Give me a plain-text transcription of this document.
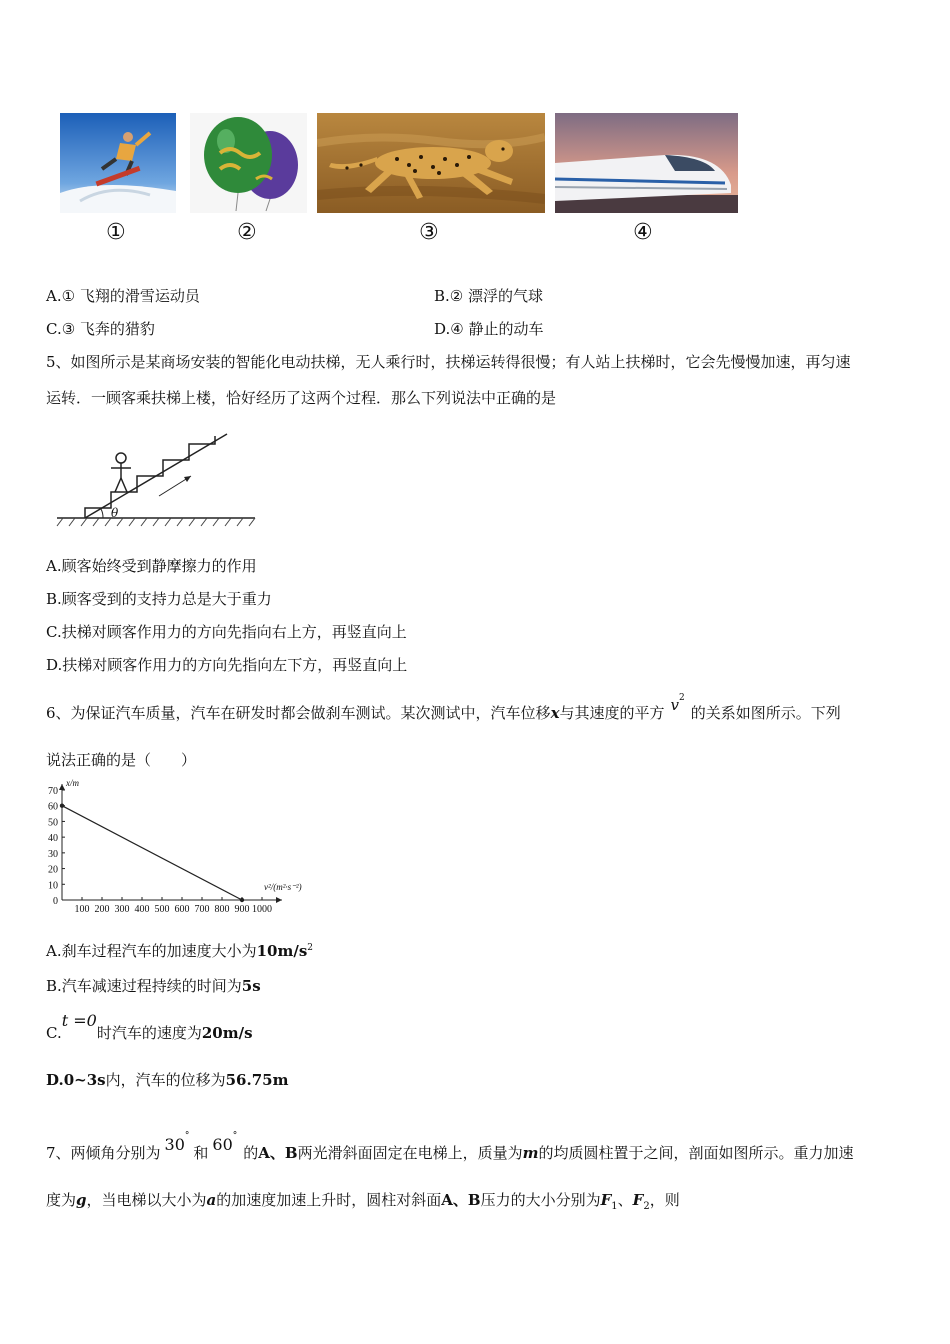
①	②	③	④
A.① 飞翔的滑雪运动员	B.② 漂浮的气球
C.③ 飞奔的猎豹	D.④ 静止的动车
5、如图所示是某商场安装的智能化电动扶梯，无人乘行时，扶梯运转得很慢；有人站上扶梯时，它会先慢慢加速，再匀速
运转．一顾客乘扶梯上楼，恰好经历了这两个过程．那么下列说法中正确的是
θ
A.顾客始终受到静摩擦力的作用
B.顾客受到的支持力总是大于重力
C.扶梯对顾客作用力的方向先指向右上方，再竖直向上
D.扶梯对顾客作用力的方向先指向左下方，再竖直向上
6、为保证汽车质量，汽车在研发时都会做刹车测试。某次测试中，汽车位移x与其速度的平方 $v^2$的关系如图所示。下列
说法正确的是（　　）
0
10
20
30
40
50
60
70
100 200 300 400 500 600 700 800 900 1000
x/m
v²/(m²·s⁻²)
A.刹车过程汽车的加速度大小为$10m/s^2$
B.汽车减速过程持续的时间为5s
C.t =0时汽车的速度为20m/s
D.0~3s内，汽车的位移为56.75m
7、两倾角分别为 30°和 60°的A、B两光滑斜面固定在电梯上，质量为m的均质圆柱置于之间，剖面如图所示。重力加速
度为g，当电梯以大小为a的加速度加速上升时，圆柱对斜面A、B压力的大小分别为$F_1$、$F_2$，则
